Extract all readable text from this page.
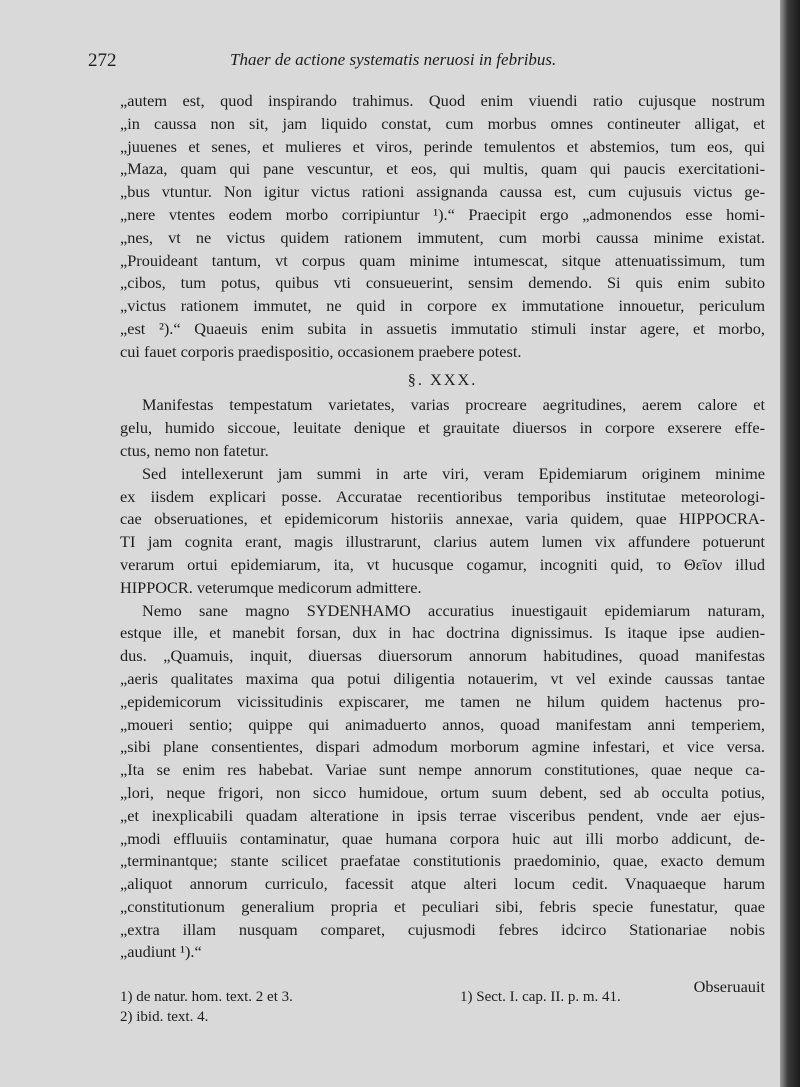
272	Thaer de actione systematis neruosi in febribus.
„autem est, quod inspirando trahimus. Quod enim viuendi ratio cujusque nostrum
„in caussa non sit, jam liquido constat, cum morbus omnes contineuter alligat, et
„juuenes et senes, et mulieres et viros, perinde temulentos et abstemios, tum eos, qui
„Maza, quam qui pane vescuntur, et eos, qui multis, quam qui paucis exercitationi-
„bus vtuntur. Non igitur victus rationi assignanda caussa est, cum cujusuis victus ge-
„nere vtentes eodem morbo corripiuntur ¹).“ Praecipit ergo „admonendos esse homi-
„nes, vt ne victus quidem rationem immutent, cum morbi caussa minime existat.
„Prouideant tantum, vt corpus quam minime intumescat, sitque attenuatissimum, tum
„cibos, tum potus, quibus vti consueuerint, sensim demendo. Si quis enim subito
„victus rationem immutet, ne quid in corpore ex immutatione innouetur, periculum
„est ²).“ Quaeuis enim subita in assuetis immutatio stimuli instar agere, et morbo,
cui fauet corporis praedispositio, occasionem praebere potest.
§. XXX.
Manifestas tempestatum varietates, varias procreare aegritudines, aerem calore et
gelu, humido siccoue, leuitate denique et grauitate diuersos in corpore exserere effe-
ctus, nemo non fatetur.
Sed intellexerunt jam summi in arte viri, veram Epidemiarum originem minime
ex iisdem explicari posse. Accuratae recentioribus temporibus institutae meteorologi-
cae obseruationes, et epidemicorum historiis annexae, varia quidem, quae HIPPOCRA-
TI jam cognita erant, magis illustrarunt, clarius autem lumen vix affundere potuerunt
verarum ortui epidemiarum, ita, vt hucusque cogamur, incogniti quid, το Θεῖον illud
HIPPOCR. veterumque medicorum admittere.
Nemo sane magno SYDENHAMO accuratius inuestigauit epidemiarum naturam,
estque ille, et manebit forsan, dux in hac doctrina dignissimus. Is itaque ipse audien-
dus. „Quamuis, inquit, diuersas diuersorum annorum habitudines, quoad manifestas
„aeris qualitates maxima qua potui diligentia notauerim, vt vel exinde caussas tantae
„epidemicorum vicissitudinis expiscarer, me tamen ne hilum quidem hactenus pro-
„moueri sentio; quippe qui animaduerto annos, quoad manifestam anni temperiem,
„sibi plane consentientes, dispari admodum morborum agmine infestari, et vice versa.
„Ita se enim res habebat. Variae sunt nempe annorum constitutiones, quae neque ca-
„lori, neque frigori, non sicco humidoue, ortum suum debent, sed ab occulta potius,
„et inexplicabili quadam alteratione in ipsis terrae visceribus pendent, vnde aer ejus-
„modi effluuiis contaminatur, quae humana corpora huic aut illi morbo addicunt, de-
„terminantque; stante scilicet praefatae constitutionis praedominio, quae, exacto demum
„aliquot annorum curriculo, facessit atque alteri locum cedit. Vnaquaeque harum
„constitutionum generalium propria et peculiari sibi, febris specie funestatur, quae
„extra illam nusquam comparet, cujusmodi febres idcirco Stationariae nobis
„audiunt ¹).“
Obseruauit
1) de natur. hom. text. 2 et 3.
2) ibid. text. 4.
1) Sect. I. cap. II. p. m. 41.
